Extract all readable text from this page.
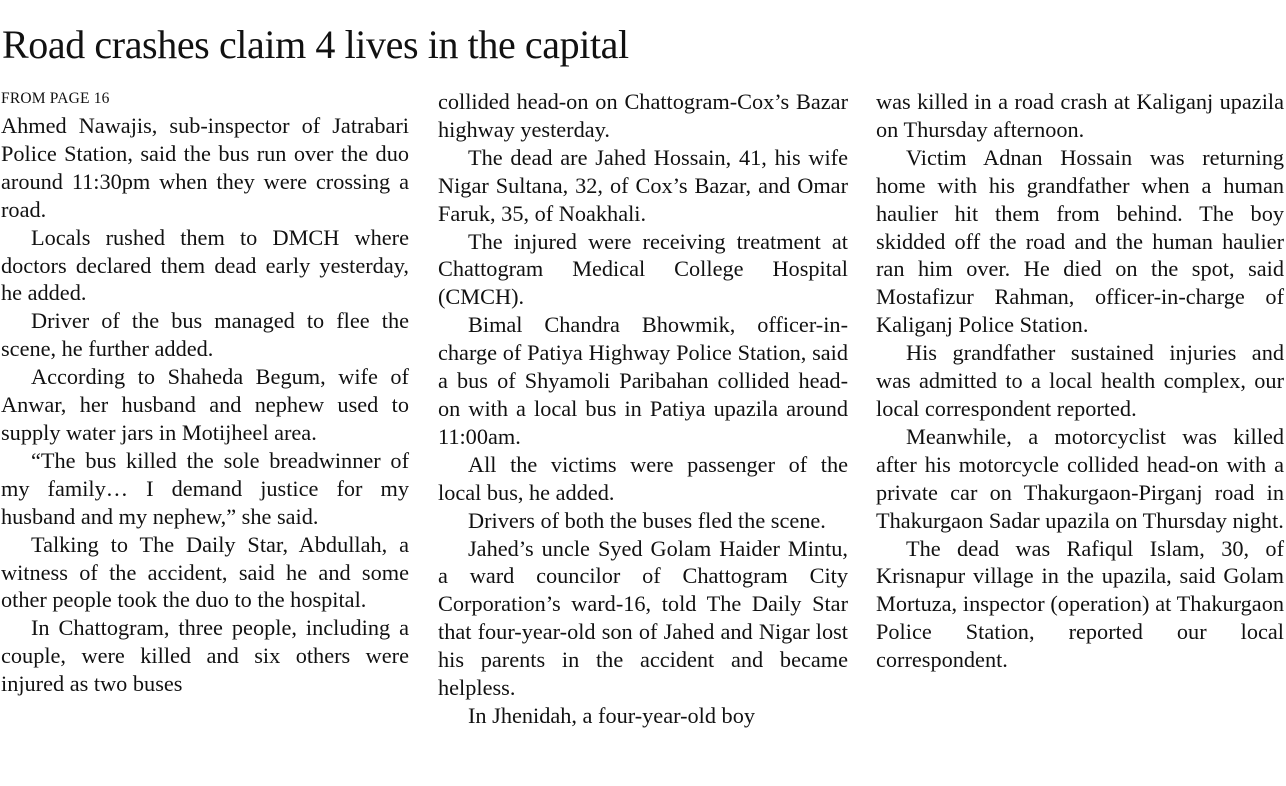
Road crashes claim 4 lives in the capital
FROM PAGE 16

Ahmed Nawajis, sub-inspector of Jatrabari Police Station, said the bus run over the duo around 11:30pm when they were crossing a road.

Locals rushed them to DMCH where doctors declared them dead early yesterday, he added.

Driver of the bus managed to flee the scene, he further added.

According to Shaheda Begum, wife of Anwar, her husband and nephew used to supply water jars in Motijheel area.

“The bus killed the sole breadwinner of my family… I demand justice for my husband and my nephew,” she said.

Talking to The Daily Star, Abdullah, a witness of the accident, said he and some other people took the duo to the hospital.

In Chattogram, three people, including a couple, were killed and six others were injured as two buses

collided head-on on Chattogram-Cox’s Bazar highway yesterday.

The dead are Jahed Hossain, 41, his wife Nigar Sultana, 32, of Cox’s Bazar, and Omar Faruk, 35, of Noakhali.

The injured were receiving treatment at Chattogram Medical College Hospital (CMCH).

Bimal Chandra Bhowmik, officer-in-charge of Patiya Highway Police Station, said a bus of Shyamoli Paribahan collided head-on with a local bus in Patiya upazila around 11:00am.

All the victims were passenger of the local bus, he added.

Drivers of both the buses fled the scene.

Jahed’s uncle Syed Golam Haider Mintu, a ward councilor of Chattogram City Corporation’s ward-16, told The Daily Star that four-year-old son of Jahed and Nigar lost his parents in the accident and became helpless.

In Jhenidah, a four-year-old boy

was killed in a road crash at Kaliganj upazila on Thursday afternoon.

Victim Adnan Hossain was returning home with his grandfather when a human haulier hit them from behind. The boy skidded off the road and the human haulier ran him over. He died on the spot, said Mostafizur Rahman, officer-in-charge of Kaliganj Police Station.

His grandfather sustained injuries and was admitted to a local health complex, our local correspondent reported.

Meanwhile, a motorcyclist was killed after his motorcycle collided head-on with a private car on Thakurgaon-Pirganj road in Thakurgaon Sadar upazila on Thursday night.

The dead was Rafiqul Islam, 30, of Krisnapur village in the upazila, said Golam Mortuza, inspector (operation) at Thakurgaon Police Station, reported our local correspondent.
